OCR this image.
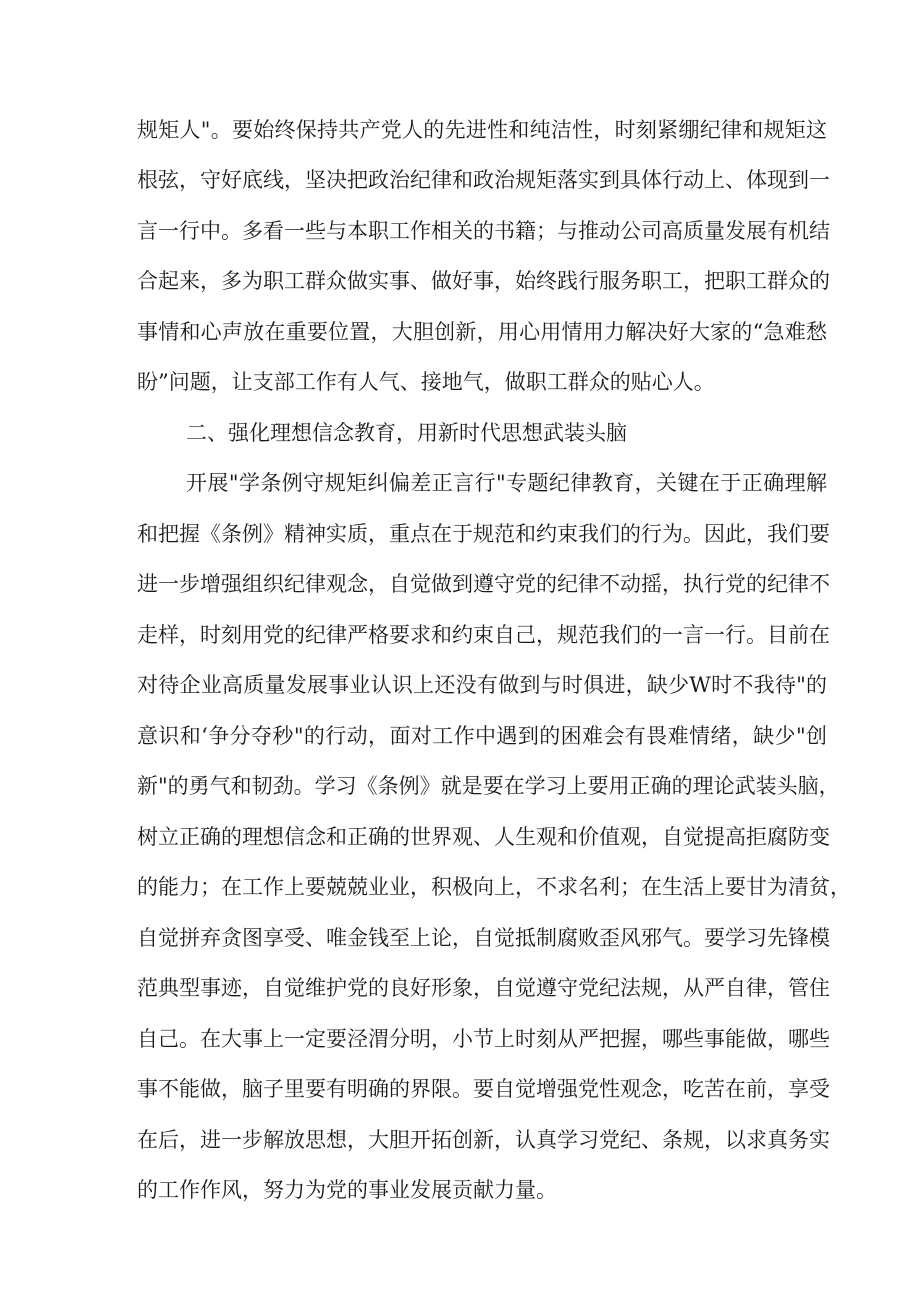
规矩人"。要始终保持共产党人的先进性和纯洁性，时刻紧绷纪律和规矩这
根弦，守好底线，坚决把政治纪律和政治规矩落实到具体行动上、体现到一
言一行中。多看一些与本职工作相关的书籍；与推动公司高质量发展有机结
合起来，多为职工群众做实事、做好事，始终践行服务职工，把职工群众的
事情和心声放在重要位置，大胆创新，用心用情用力解决好大家的“急难愁
盼”问题，让支部工作有人气、接地气，做职工群众的贴心人。
二、强化理想信念教育，用新时代思想武装头脑
开展"学条例守规矩纠偏差正言行"专题纪律教育，关键在于正确理解
和把握《条例》精神实质，重点在于规范和约束我们的行为。因此，我们要
进一步增强组织纪律观念，自觉做到遵守党的纪律不动摇，执行党的纪律不
走样，时刻用党的纪律严格要求和约束自己，规范我们的一言一行。目前在
对待企业高质量发展事业认识上还没有做到与时俱进，缺少W时不我待"的
意识和‘争分夺秒"的行动，面对工作中遇到的困难会有畏难情绪，缺少"创
新"的勇气和韧劲。学习《条例》就是要在学习上要用正确的理论武装头脑，
树立正确的理想信念和正确的世界观、人生观和价值观，自觉提高拒腐防变
的能力；在工作上要兢兢业业，积极向上，不求名利；在生活上要甘为清贫，
自觉拼弃贪图享受、唯金钱至上论，自觉抵制腐败歪风邪气。要学习先锋模
范典型事迹，自觉维护党的良好形象，自觉遵守党纪法规，从严自律，管住
自己。在大事上一定要泾渭分明，小节上时刻从严把握，哪些事能做，哪些
事不能做，脑子里要有明确的界限。要自觉增强党性观念，吃苦在前，享受
在后，进一步解放思想，大胆开拓创新，认真学习党纪、条规，以求真务实
的工作作风，努力为党的事业发展贡献力量。
